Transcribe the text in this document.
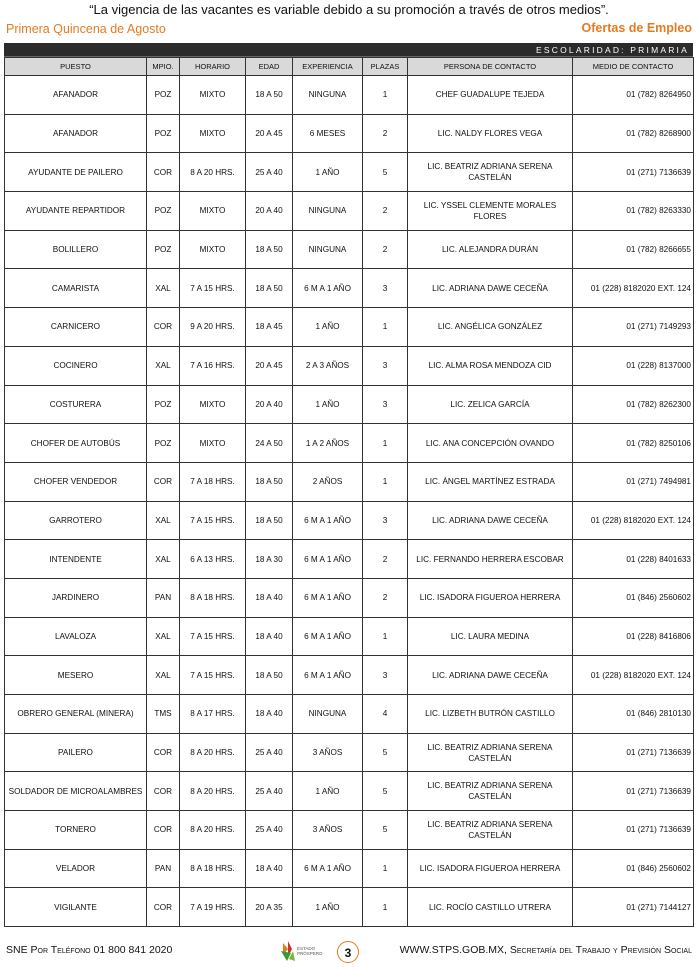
“La vigencia de las vacantes es variable debido a su promoción a través de otros medios”.
Primera Quincena de Agosto	Ofertas de Empleo
ESCOLARIDAD: PRIMARIA
PUESTO	MPIO.	HORARIO	EDAD	EXPERIENCIA	PLAZAS	PERSONA DE CONTACTO	MEDIO DE CONTACTO
AFANADOR	POZ	MIXTO	18 A 50	NINGUNA	1	CHEF GUADALUPE TEJEDA	01 (782) 8264950
AFANADOR	POZ	MIXTO	20 A 45	6 MESES	2	LIC. NALDY FLORES VEGA	01 (782) 8268900
AYUDANTE DE PAILERO	COR	8 A 20 HRS.	25 A 40	1 AÑO	5	LIC. BEATRIZ ADRIANA SERENA CASTELÁN	01 (271) 7136639
AYUDANTE REPARTIDOR	POZ	MIXTO	20 A 40	NINGUNA	2	LIC. YSSEL CLEMENTE MORALES FLORES	01 (782) 8263330
BOLILLERO	POZ	MIXTO	18 A 50	NINGUNA	2	LIC. ALEJANDRA DURÁN	01 (782) 8266655
CAMARISTA	XAL	7 A 15 HRS.	18 A 50	6 M A 1 AÑO	3	LIC. ADRIANA DAWE CECEÑA	01 (228) 8182020 EXT. 124
CARNICERO	COR	9 A 20 HRS.	18 A 45	1 AÑO	1	LIC. ANGÉLICA GONZÁLEZ	01 (271) 7149293
COCINERO	XAL	7 A 16 HRS.	20 A 45	2 A 3 AÑOS	3	LIC. ALMA ROSA MENDOZA CID	01 (228) 8137000
COSTURERA	POZ	MIXTO	20 A 40	1 AÑO	3	LIC. ZELICA GARCÍA	01 (782) 8262300
CHOFER DE AUTOBÚS	POZ	MIXTO	24 A 50	1 A 2 AÑOS	1	LIC. ANA CONCEPCIÓN OVANDO	01 (782) 8250106
CHOFER VENDEDOR	COR	7 A 18 HRS.	18 A 50	2 AÑOS	1	LIC. ÁNGEL MARTÍNEZ ESTRADA	01 (271) 7494981
GARROTERO	XAL	7 A 15 HRS.	18 A 50	6 M A 1 AÑO	3	LIC. ADRIANA DAWE CECEÑA	01 (228) 8182020 EXT. 124
INTENDENTE	XAL	6 A 13 HRS.	18 A 30	6 M A 1 AÑO	2	LIC. FERNANDO HERRERA ESCOBAR	01 (228) 8401633
JARDINERO	PAN	8 A 18 HRS.	18 A 40	6 M A 1 AÑO	2	LIC. ISADORA FIGUEROA HERRERA	01 (846) 2560602
LAVALOZA	XAL	7 A 15 HRS.	18 A 40	6 M A 1 AÑO	1	LIC. LAURA MEDINA	01 (228) 8416806
MESERO	XAL	7 A 15 HRS.	18 A 50	6 M A 1 AÑO	3	LIC. ADRIANA DAWE CECEÑA	01 (228) 8182020 EXT. 124
OBRERO GENERAL (MINERA)	TMS	8 A 17 HRS.	18 A 40	NINGUNA	4	LIC. LIZBETH BUTRÓN CASTILLO	01 (846) 2810130
PAILERO	COR	8 A 20 HRS.	25 A 40	3 AÑOS	5	LIC. BEATRIZ ADRIANA SERENA CASTELÁN	01 (271) 7136639
SOLDADOR DE MICROALAMBRES	COR	8 A 20 HRS.	25 A 40	1 AÑO	5	LIC. BEATRIZ ADRIANA SERENA CASTELÁN	01 (271) 7136639
TORNERO	COR	8 A 20 HRS.	25 A 40	3 AÑOS	5	LIC. BEATRIZ ADRIANA SERENA CASTELÁN	01 (271) 7136639
VELADOR	PAN	8 A 18 HRS.	18 A 40	6 M A 1 AÑO	1	LIC. ISADORA FIGUEROA HERRERA	01 (846) 2560602
VIGILANTE	COR	7 A 19 HRS.	20 A 35	1 AÑO	1	LIC. ROCÍO CASTILLO UTRERA	01 (271) 7144127
SNE Por Teléfono 01 800 841 2020	ESTADO
PRÓSPERO	3	WWW.STPS.GOB.MX, Secretaría del Trabajo y Previsión Social
